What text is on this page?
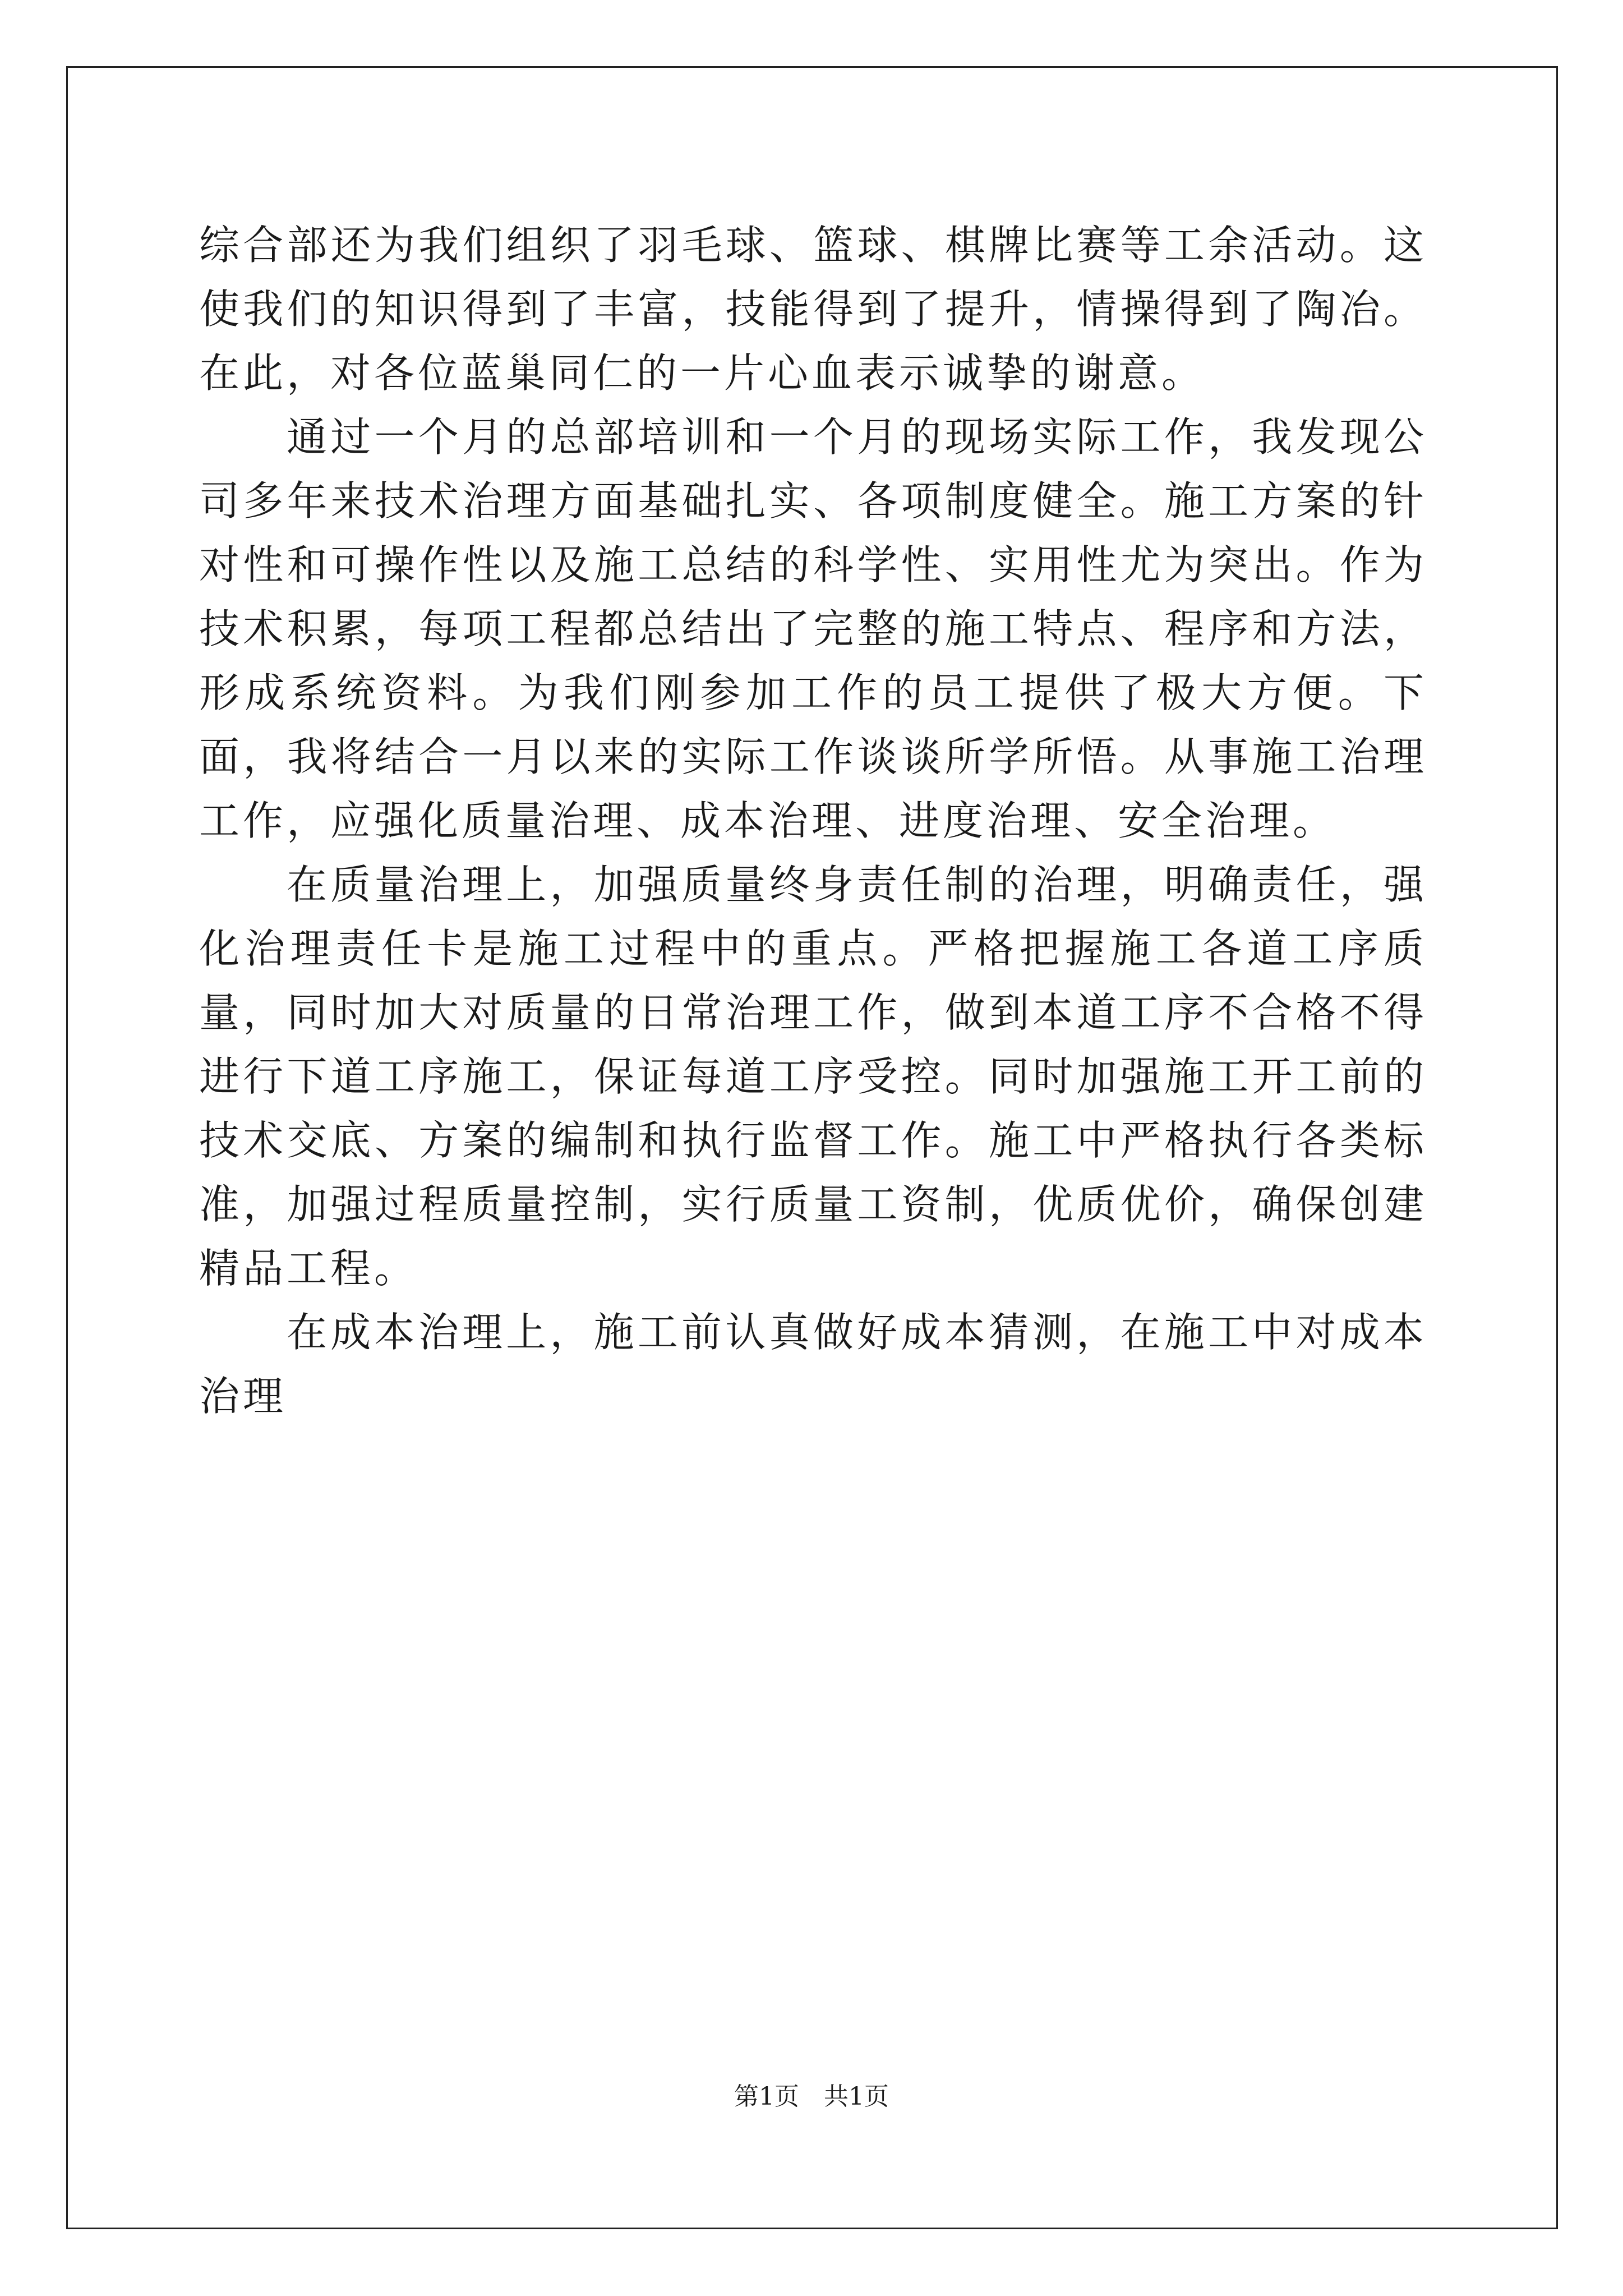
综合部还为我们组织了羽毛球、篮球、棋牌比赛等工余活动。这使我们的知识得到了丰富，技能得到了提升，情操得到了陶冶。在此，对各位蓝巢同仁的一片心血表示诚挚的谢意。

通过一个月的总部培训和一个月的现场实际工作，我发现公司多年来技术治理方面基础扎实、各项制度健全。施工方案的针对性和可操作性以及施工总结的科学性、实用性尤为突出。作为技术积累，每项工程都总结出了完整的施工特点、程序和方法，形成系统资料。为我们刚参加工作的员工提供了极大方便。下面，我将结合一月以来的实际工作谈谈所学所悟。从事施工治理工作，应强化质量治理、成本治理、进度治理、安全治理。

在质量治理上，加强质量终身责任制的治理，明确责任，强化治理责任卡是施工过程中的重点。严格把握施工各道工序质量，同时加大对质量的日常治理工作，做到本道工序不合格不得进行下道工序施工，保证每道工序受控。同时加强施工开工前的技术交底、方案的编制和执行监督工作。施工中严格执行各类标准，加强过程质量控制，实行质量工资制，优质优价，确保创建精品工程。

在成本治理上，施工前认真做好成本猜测，在施工中对成本治理

第1页　共1页
